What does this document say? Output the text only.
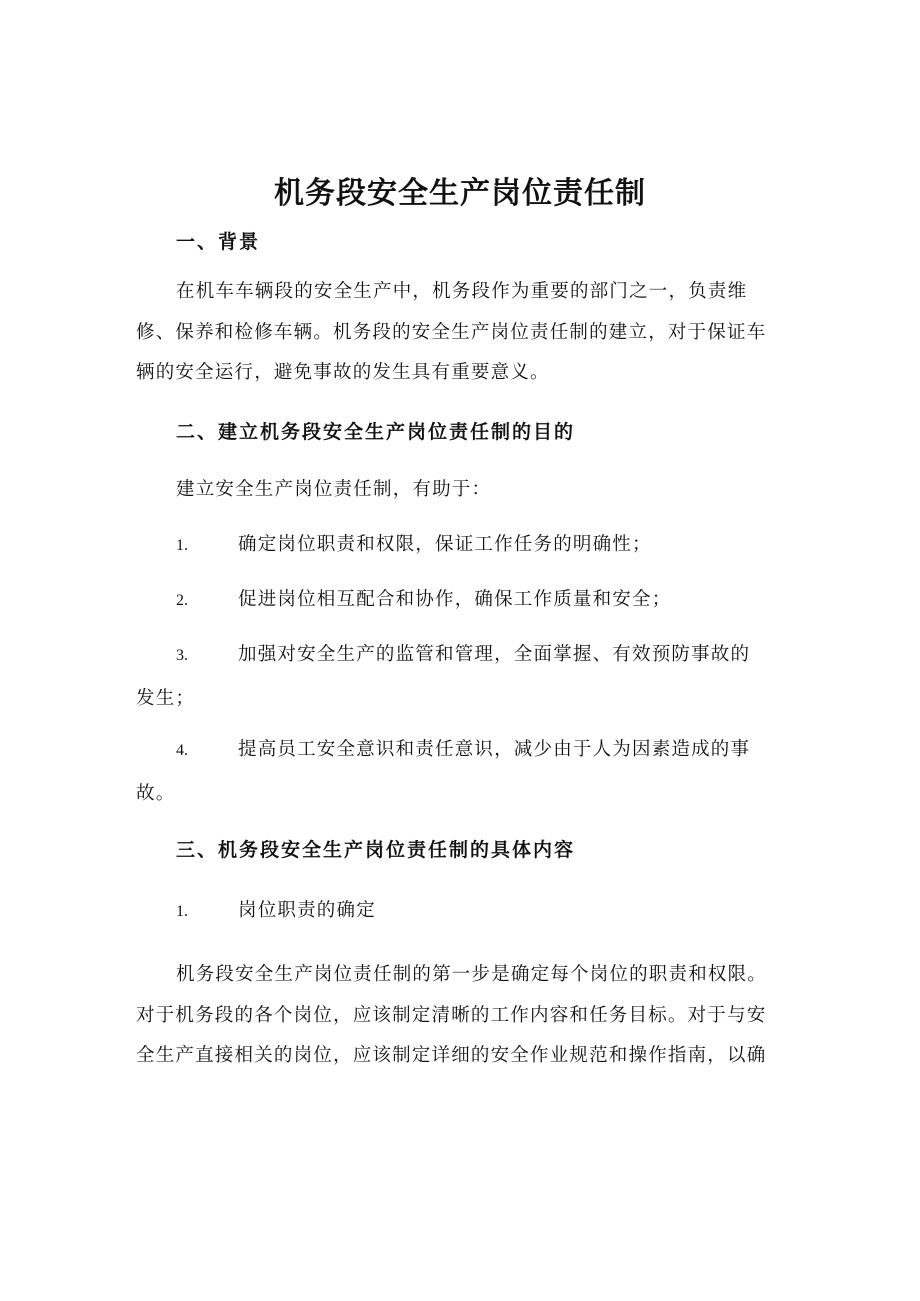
机务段安全生产岗位责任制
一、背景

在机车车辆段的安全生产中，机务段作为重要的部门之一，负责维修、保养和检修车辆。机务段的安全生产岗位责任制的建立，对于保证车辆的安全运行，避免事故的发生具有重要意义。

二、建立机务段安全生产岗位责任制的目的

建立安全生产岗位责任制，有助于：

1.	确定岗位职责和权限，保证工作任务的明确性；

2.	促进岗位相互配合和协作，确保工作质量和安全；

3.	加强对安全生产的监管和管理，全面掌握、有效预防事故的发生；

4.	提高员工安全意识和责任意识，减少由于人为因素造成的事故。

三、机务段安全生产岗位责任制的具体内容

1.	岗位职责的确定

机务段安全生产岗位责任制的第一步是确定每个岗位的职责和权限。对于机务段的各个岗位，应该制定清晰的工作内容和任务目标。对于与安全生产直接相关的岗位，应该制定详细的安全作业规范和操作指南，以确
